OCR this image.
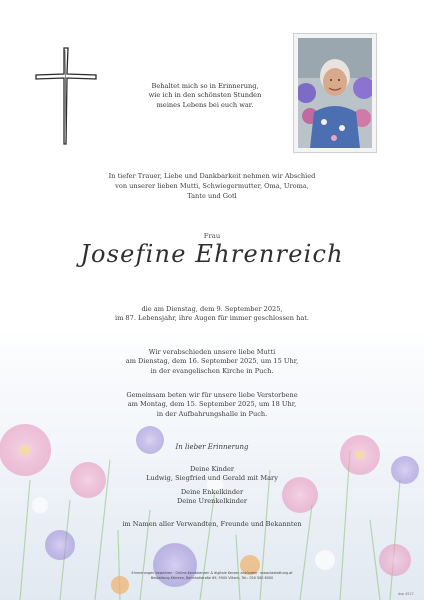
Behaltet mich so in Erinnerung,
wie ich in den schönsten Stunden
meines Lebens bei euch war.
In tiefer Trauer, Liebe und Dankbarkeit nehmen wir Abschied
von unserer lieben Mutti, Schwiegermutter, Oma, Uroma,
Tante und Gotl
Frau
Josefine Ehrenreich
die am Dienstag, dem 9. September 2025,
im 87. Lebensjahr, ihre Augen für immer geschlossen hat.
Wir verabschieden unsere liebe Mutti
am Dienstag, dem 16. September 2025, um 15 Uhr,
in der evangelischen Kirche in Puch.
Gemeinsam beten wir für unsere liebe Verstorbene
am Montag, dem 15. September 2025, um 18 Uhr,
in der Aufbahrungshalle in Puch.
In lieber Erinnerung
Deine Kinder
Ludwig, Siegfried und Gerald mit Mary
Deine Enkelkinder
Deine Urenkelkinder
im Namen aller Verwandten, Freunde und Bekannten
Erinnerungen bewahren · Online-Kondolenzen & digitale Kerzen anzünden · www.bestattung.at
Bestattung Kärnten, Bahnhofstraße 69, 9500 Villach, Tel.: 050 500 6000
dsp 4527
